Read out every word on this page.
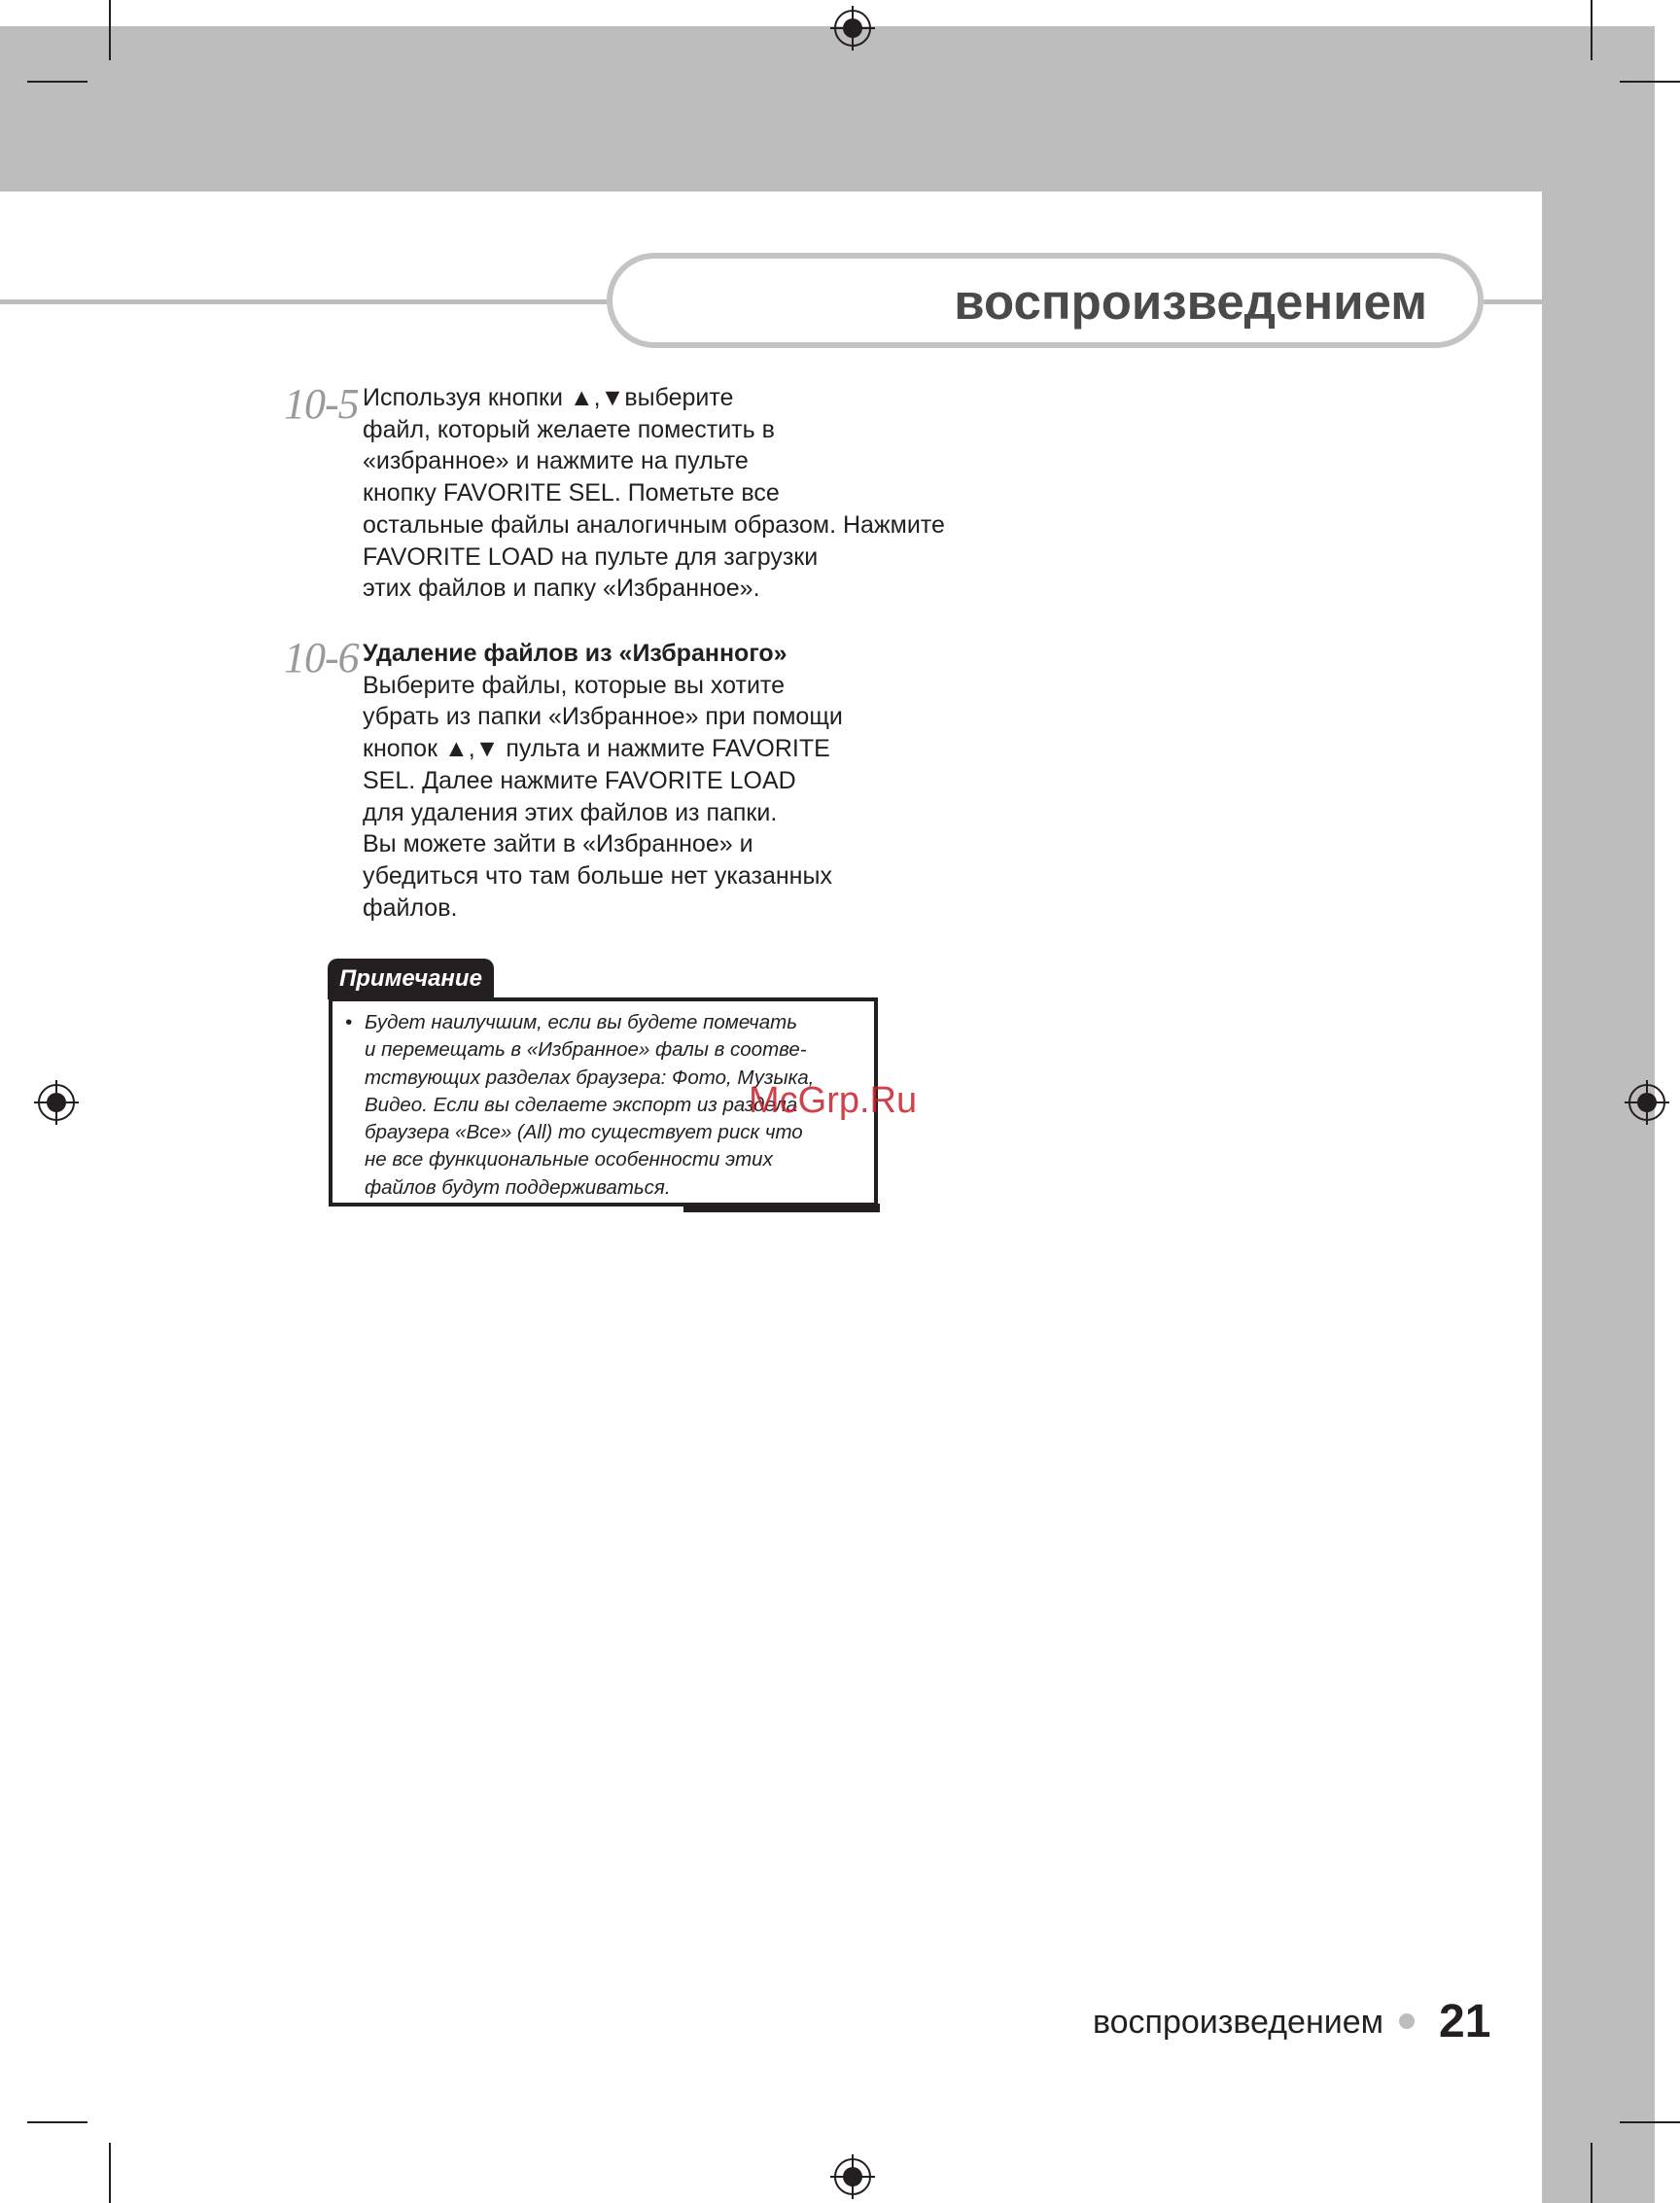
воспроизведением
10-5 Используя кнопки ▲,▼выберите
файл, который желаете поместить в
«избранное» и нажмите на пульте
кнопку FAVORITE SEL. Пометьте все
остальные файлы аналогичным образом. Нажмите
FAVORITE LOAD на пульте для загрузки
этих файлов и папку «Избранное».
10-6 Удаление файлов из «Избранного»
Выберите файлы, которые вы хотите
убрать из папки «Избранное» при помощи
кнопок ▲,▼ пульта и нажмите FAVORITE
SEL. Далее нажмите FAVORITE LOAD
для удаления этих файлов из папки.
Вы можете зайти в «Избранное» и
убедиться что там больше нет указанных
файлов.
Примечание
• Будет наилучшим, если вы будете помечать
и перемещать в «Избранное» фалы в соотве-
тствующих разделах браузера: Фото, Музыка,
Видео. Если вы сделаете экспорт из раздела
браузера «Все» (All) то существует риск что
не все функциональные особенности этих
файлов будут поддерживаться.
McGrp.Ru
воспроизведением 21
